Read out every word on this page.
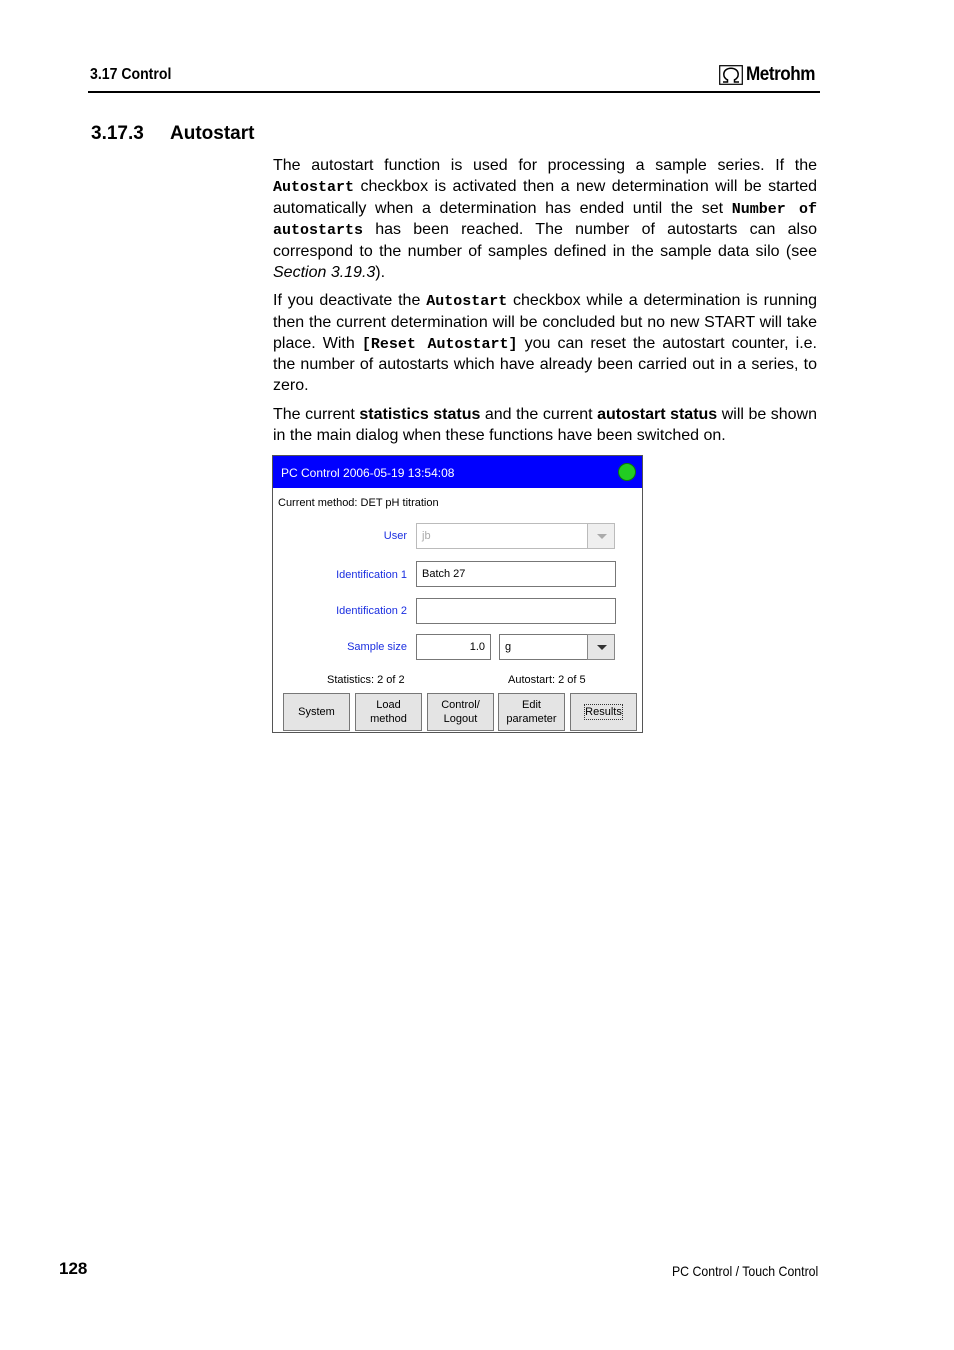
3.17 Control	Metrohm
3.17.3 Autostart
The autostart function is used for processing a sample series. If the Autostart checkbox is activated then a new determination will be started automatically when a determination has ended until the set Number of autostarts has been reached. The number of autostarts can also correspond to the number of samples defined in the sample data silo (see Section 3.19.3).
If you deactivate the Autostart checkbox while a determination is running then the current determination will be concluded but no new START will take place. With [Reset Autostart] you can reset the autostart counter, i.e. the number of autostarts which have already been carried out in a series, to zero.
The current statistics status and the current autostart status will be shown in the main dialog when these functions have been switched on.
PC Control 2006-05-19 13:54:08
Current method: DET pH titration
User	jb
Identification 1	Batch 27
Identification 2
Sample size	1.0	g
Statistics: 2 of 2	Autostart: 2 of 5
System
Load
method
Control/
Logout
Edit
parameter
Results
128	PC Control / Touch Control
